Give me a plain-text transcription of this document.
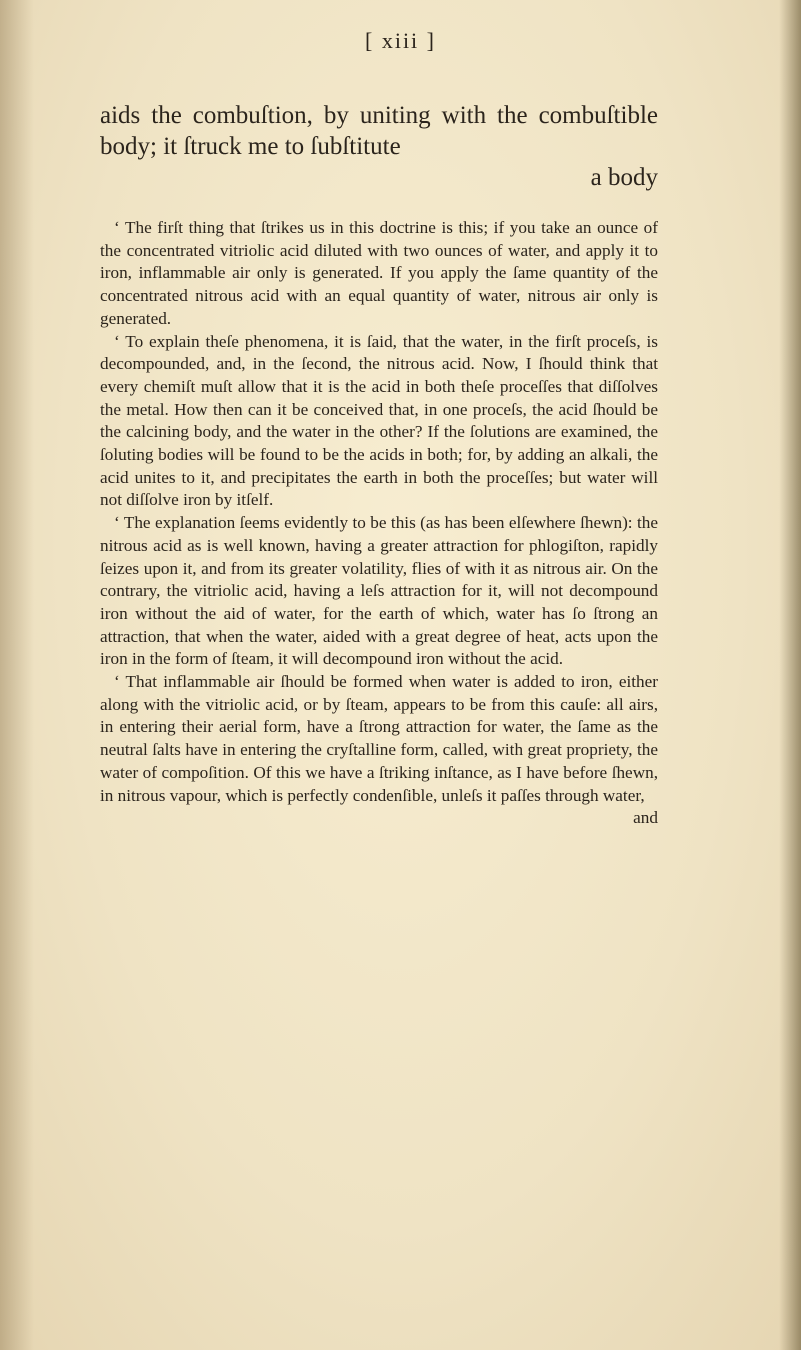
[ xiii ]

aids the combuſtion, by uniting with the combuſtible body; it ſtruck me to ſubſtitute

a body

‘ The firſt thing that ſtrikes us in this doctrine is this; if you take an ounce of the concentrated vitriolic acid diluted with two ounces of water, and apply it to iron, inflammable air only is generated. If you apply the ſame quantity of the concentrated nitrous acid with an equal quantity of water, nitrous air only is generated.

‘ To explain theſe phenomena, it is ſaid, that the water, in the firſt proceſs, is decompounded, and, in the ſecond, the nitrous acid. Now, I ſhould think that every chemiſt muſt allow that it is the acid in both theſe proceſſes that diſſolves the metal. How then can it be conceived that, in one proceſs, the acid ſhould be the calcining body, and the water in the other? If the ſolutions are examined, the ſoluting bodies will be found to be the acids in both; for, by adding an alkali, the acid unites to it, and precipitates the earth in both the proceſſes; but water will not diſſolve iron by itſelf.

‘ The explanation ſeems evidently to be this (as has been elſewhere ſhewn): the nitrous acid as is well known, having a greater attraction for phlogiſton, rapidly ſeizes upon it, and from its greater volatility, flies of with it as nitrous air. On the contrary, the vitriolic acid, having a leſs attraction for it, will not decompound iron without the aid of water, for the earth of which, water has ſo ſtrong an attraction, that when the water, aided with a great degree of heat, acts upon the iron in the form of ſteam, it will decompound iron without the acid.

‘ That inflammable air ſhould be formed when water is added to iron, either along with the vitriolic acid, or by ſteam, appears to be from this cauſe: all airs, in entering their aerial form, have a ſtrong attraction for water, the ſame as the neutral ſalts have in entering the cryſtalline form, called, with great propriety, the water of compoſition. Of this we have a ſtriking inſtance, as I have before ſhewn, in nitrous vapour, which is perfectly condenſible, unleſs it paſſes through water,

and
